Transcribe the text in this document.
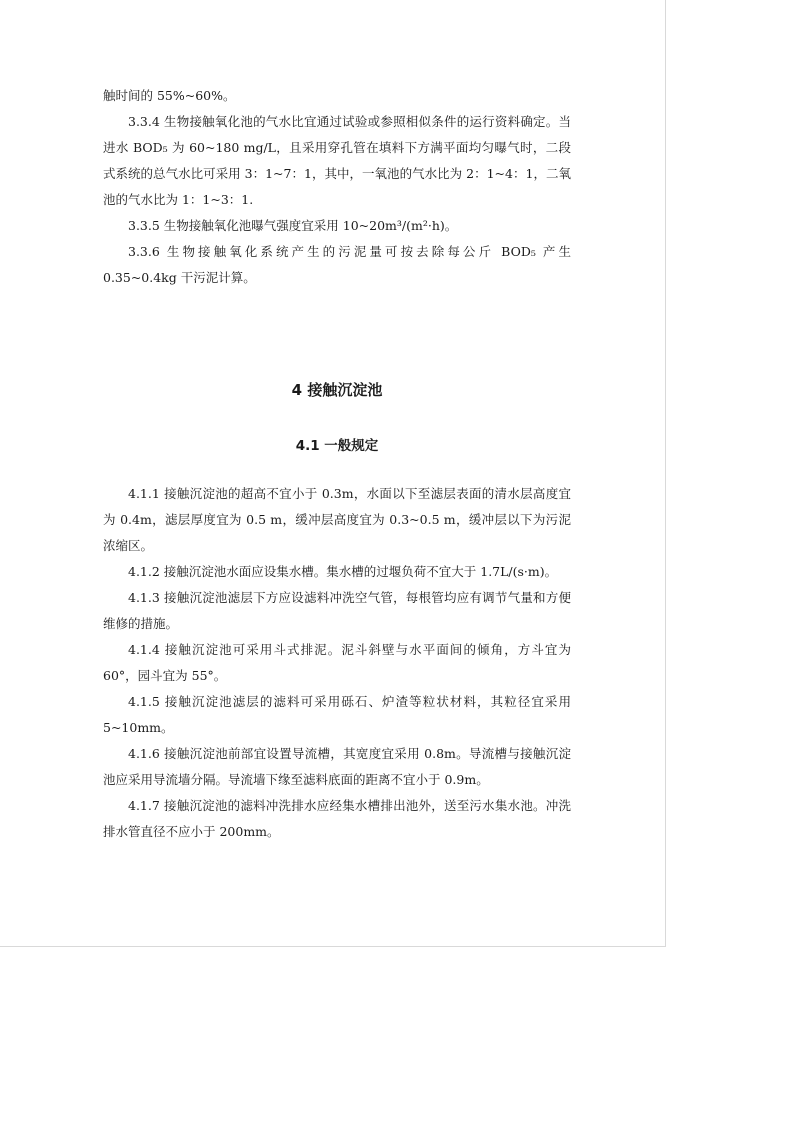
触时间的 55%~60%。

3.3.4 生物接触氧化池的气水比宜通过试验或参照相似条件的运行资料确定。当进水 BOD₅ 为 60~180 mg/L，且采用穿孔管在填料下方满平面均匀曝气时，二段式系统的总气水比可采用 3：1~7：1，其中，一氧池的气水比为 2：1~4：1，二氧池的气水比为 1：1~3：1.

3.3.5 生物接触氧化池曝气强度宜采用 10~20m³/(m²·h)。

3.3.6 生物接触氧化系统产生的污泥量可按去除每公斤 BOD₅ 产生 0.35~0.4kg 干污泥计算。

4 接触沉淀池
4.1 一般规定

4.1.1 接触沉淀池的超高不宜小于 0.3m，水面以下至滤层表面的清水层高度宜为 0.4m，滤层厚度宜为 0.5 m，缓冲层高度宜为 0.3~0.5 m，缓冲层以下为污泥浓缩区。

4.1.2 接触沉淀池水面应设集水槽。集水槽的过堰负荷不宜大于 1.7L/(s·m)。

4.1.3 接触沉淀池滤层下方应设滤料冲洗空气管，每根管均应有调节气量和方便维修的措施。

4.1.4 接触沉淀池可采用斗式排泥。泥斗斜壁与水平面间的倾角，方斗宜为 60°，园斗宜为 55°。

4.1.5 接触沉淀池滤层的滤料可采用砾石、炉渣等粒状材料，其粒径宜采用 5~10mm。

4.1.6 接触沉淀池前部宜设置导流槽，其宽度宜采用 0.8m。导流槽与接触沉淀池应采用导流墙分隔。导流墙下缘至滤料底面的距离不宜小于 0.9m。

4.1.7 接触沉淀池的滤料冲洗排水应经集水槽排出池外，送至污水集水池。冲洗排水管直径不应小于 200mm。
